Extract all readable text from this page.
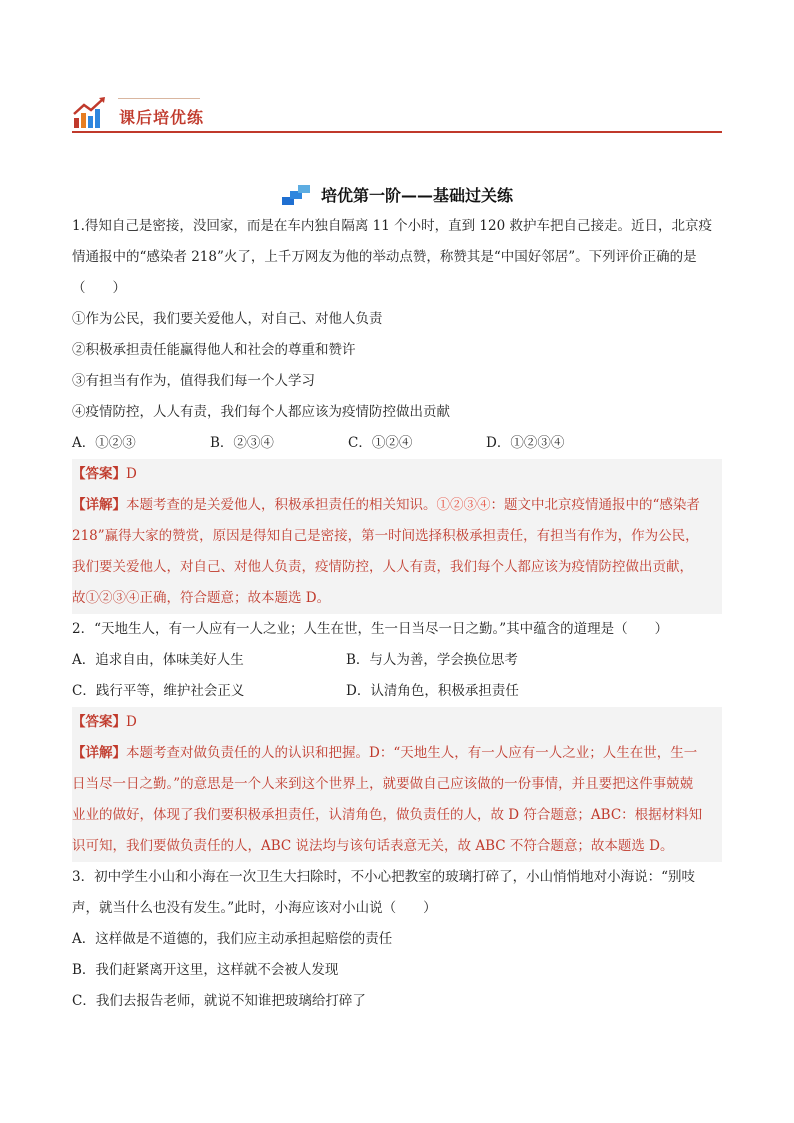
课后培优练
培优第一阶——基础过关练
1.得知自己是密接，没回家，而是在车内独自隔离 11 个小时，直到 120 救护车把自己接走。近日，北京疫
情通报中的“感染者 218”火了，上千万网友为他的举动点赞，称赞其是“中国好邻居”。下列评价正确的是
（　　）
①作为公民，我们要关爱他人，对自己、对他人负责
②积极承担责任能赢得他人和社会的尊重和赞许
③有担当有作为，值得我们每一个人学习
④疫情防控，人人有责，我们每个人都应该为疫情防控做出贡献
A．①②③	B．②③④	C．①②④	D．①②③④
【答案】D
【详解】本题考查的是关爱他人，积极承担责任的相关知识。①②③④：题文中北京疫情通报中的“感染者
218”赢得大家的赞赏，原因是得知自己是密接，第一时间选择积极承担责任，有担当有作为，作为公民，
我们要关爱他人，对自己、对他人负责，疫情防控，人人有责，我们每个人都应该为疫情防控做出贡献，
故①②③④正确，符合题意；故本题选 D。
2．“天地生人，有一人应有一人之业；人生在世，生一日当尽一日之勤。”其中蕴含的道理是（　　）
A．追求自由，体味美好人生	B．与人为善，学会换位思考
C．践行平等，维护社会正义	D．认清角色，积极承担责任
【答案】D
【详解】本题考查对做负责任的人的认识和把握。D：“天地生人，有一人应有一人之业；人生在世，生一
日当尽一日之勤。”的意思是一个人来到这个世界上，就要做自己应该做的一份事情，并且要把这件事兢兢
业业的做好，体现了我们要积极承担责任，认清角色，做负责任的人，故 D 符合题意；ABC：根据材料知
识可知，我们要做负责任的人，ABC 说法均与该句话表意无关，故 ABC 不符合题意；故本题选 D。
3．初中学生小山和小海在一次卫生大扫除时，不小心把教室的玻璃打碎了，小山悄悄地对小海说：“别吱
声，就当什么也没有发生。”此时，小海应该对小山说（　　）
A．这样做是不道德的，我们应主动承担起赔偿的责任
B．我们赶紧离开这里，这样就不会被人发现
C．我们去报告老师，就说不知谁把玻璃给打碎了
